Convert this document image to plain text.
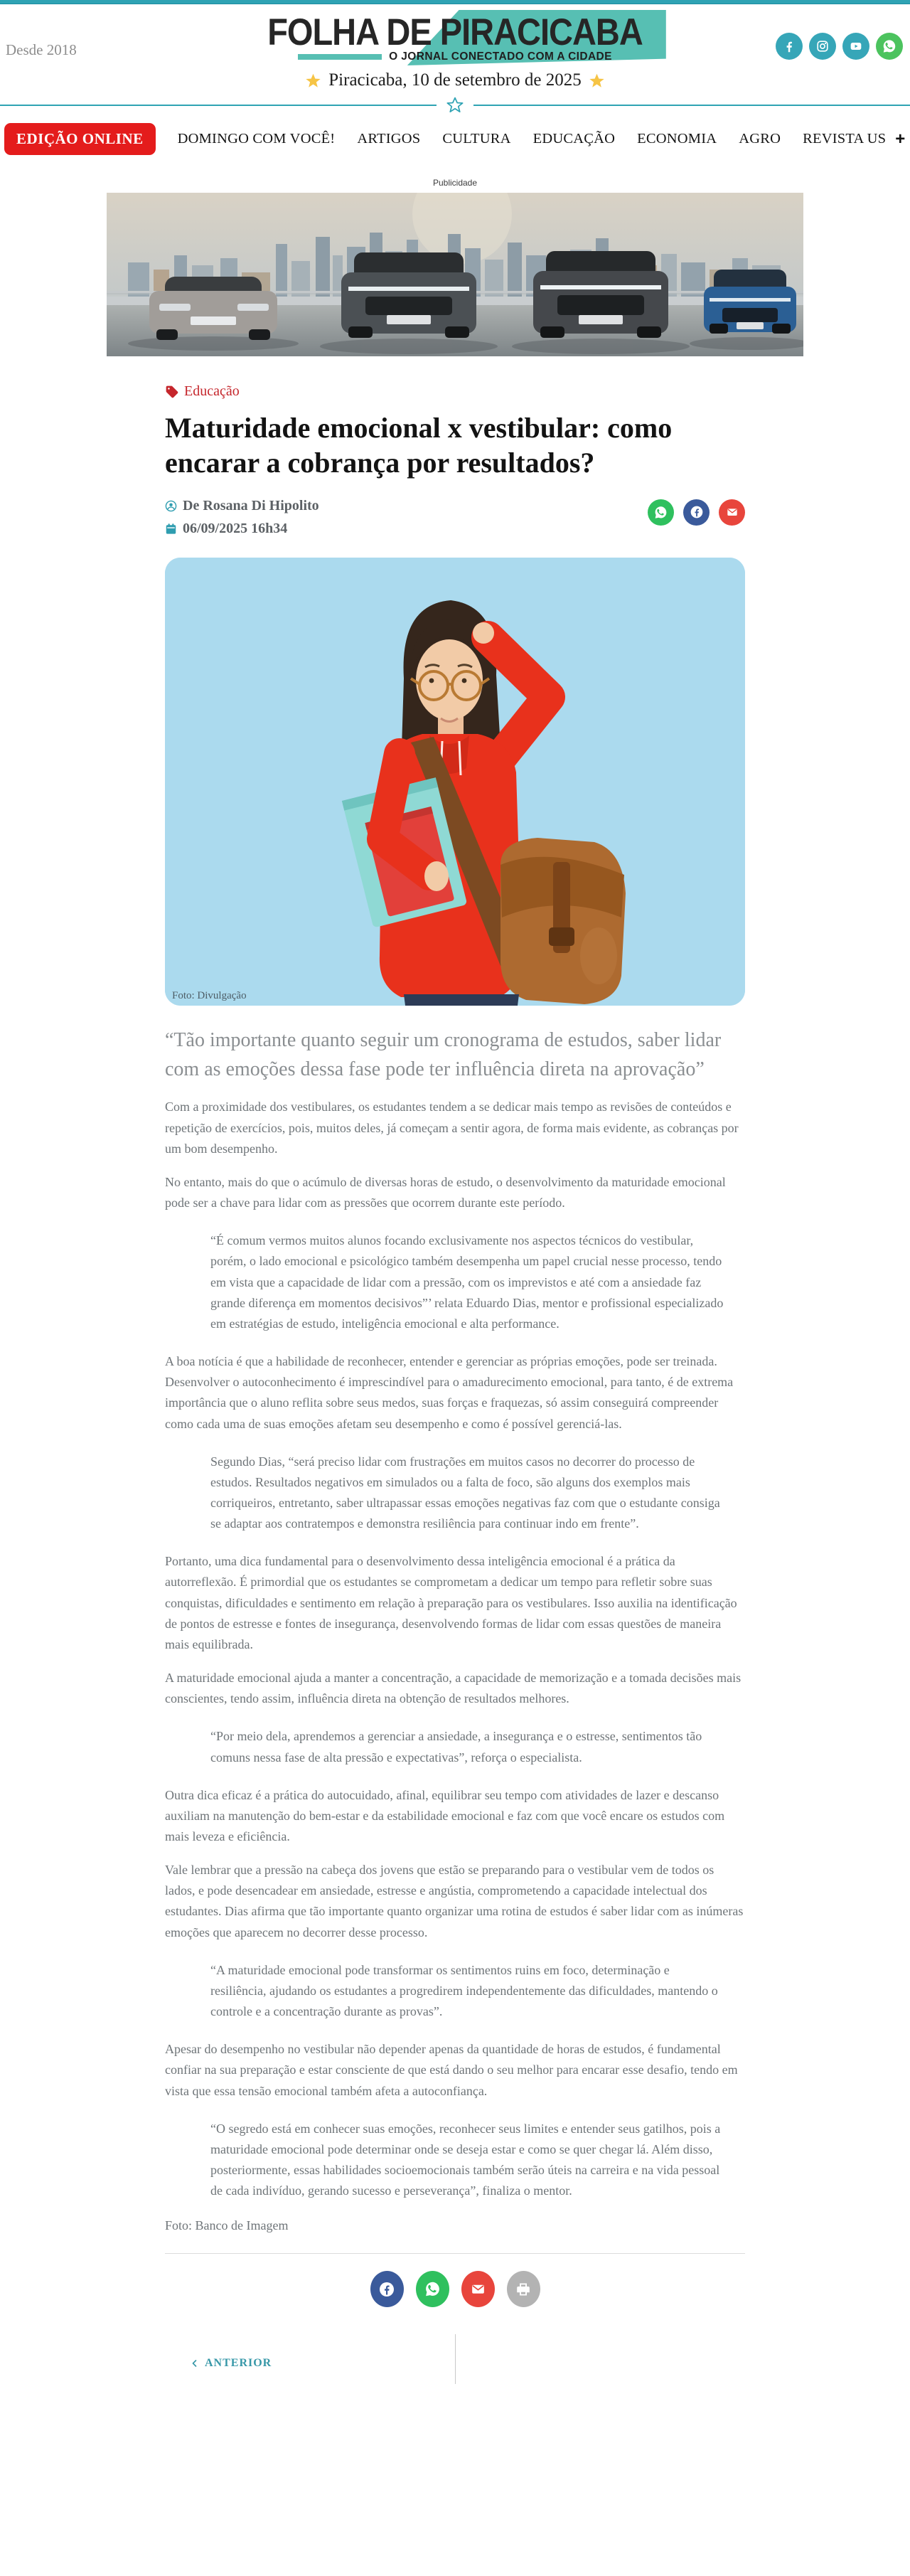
Desde 2018	FOLHA DE PIRACICABA
O JORNAL CONECTADO COM A CIDADE
Piracicaba, 10 de setembro de 2025
EDIÇÃO ONLINE	DOMINGO COM VOCÊ! ARTIGOS CULTURA EDUCAÇÃO ECONOMIA AGRO REVISTA US +
Publicidade
Educação
Maturidade emocional x vestibular: como encarar a cobrança por resultados?
De Rosana Di Hipolito
06/09/2025 16h34
Foto: Divulgação
“Tão importante quanto seguir um cronograma de estudos, saber lidar com as emoções dessa fase pode ter influência direta na aprovação”

Com a proximidade dos vestibulares, os estudantes tendem a se dedicar mais tempo as revisões de conteúdos e repetição de exercícios, pois, muitos deles, já começam a sentir agora, de forma mais evidente, as cobranças por um bom desempenho.

No entanto, mais do que o acúmulo de diversas horas de estudo, o desenvolvimento da maturidade emocional pode ser a chave para lidar com as pressões que ocorrem durante este período.

“É comum vermos muitos alunos focando exclusivamente nos aspectos técnicos do vestibular, porém, o lado emocional e psicológico também desempenha um papel crucial nesse processo, tendo em vista que a capacidade de lidar com a pressão, com os imprevistos e até com a ansiedade faz grande diferença em momentos decisivos”’ relata Eduardo Dias, mentor e profissional especializado em estratégias de estudo, inteligência emocional e alta performance.

A boa notícia é que a habilidade de reconhecer, entender e gerenciar as próprias emoções, pode ser treinada. Desenvolver o autoconhecimento é imprescindível para o amadurecimento emocional, para tanto, é de extrema importância que o aluno reflita sobre seus medos, suas forças e fraquezas, só assim conseguirá compreender como cada uma de suas emoções afetam seu desempenho e como é possível gerenciá-las.

Segundo Dias, “será preciso lidar com frustrações em muitos casos no decorrer do processo de estudos. Resultados negativos em simulados ou a falta de foco, são alguns dos exemplos mais corriqueiros, entretanto, saber ultrapassar essas emoções negativas faz com que o estudante consiga se adaptar aos contratempos e demonstra resiliência para continuar indo em frente”.

Portanto, uma dica fundamental para o desenvolvimento dessa inteligência emocional é a prática da autorreflexão. É primordial que os estudantes se comprometam a dedicar um tempo para refletir sobre suas conquistas, dificuldades e sentimento em relação à preparação para os vestibulares. Isso auxilia na identificação de pontos de estresse e fontes de insegurança, desenvolvendo formas de lidar com essas questões de maneira mais equilibrada.

A maturidade emocional ajuda a manter a concentração, a capacidade de memorização e a tomada decisões mais conscientes, tendo assim, influência direta na obtenção de resultados melhores.

“Por meio dela, aprendemos a gerenciar a ansiedade, a insegurança e o estresse, sentimentos tão comuns nessa fase de alta pressão e expectativas”, reforça o especialista.

Outra dica eficaz é a prática do autocuidado, afinal, equilibrar seu tempo com atividades de lazer e descanso auxiliam na manutenção do bem-estar e da estabilidade emocional e faz com que você encare os estudos com mais leveza e eficiência.

Vale lembrar que a pressão na cabeça dos jovens que estão se preparando para o vestibular vem de todos os lados, e pode desencadear em ansiedade, estresse e angústia, comprometendo a capacidade intelectual dos estudantes. Dias afirma que tão importante quanto organizar uma rotina de estudos é saber lidar com as inúmeras emoções que aparecem no decorrer desse processo.

“A maturidade emocional pode transformar os sentimentos ruins em foco, determinação e resiliência, ajudando os estudantes a progredirem independentemente das dificuldades, mantendo o controle e a concentração durante as provas”.

Apesar do desempenho no vestibular não depender apenas da quantidade de horas de estudos, é fundamental confiar na sua preparação e estar consciente de que está dando o seu melhor para encarar esse desafio, tendo em vista que essa tensão emocional também afeta a autoconfiança.

“O segredo está em conhecer suas emoções, reconhecer seus limites e entender seus gatilhos, pois a maturidade emocional pode determinar onde se deseja estar e como se quer chegar lá. Além disso, posteriormente, essas habilidades socioemocionais também serão úteis na carreira e na vida pessoal de cada indivíduo, gerando sucesso e perseverança”, finaliza o mentor.
Foto: Banco de Imagem
ANTERIOR
